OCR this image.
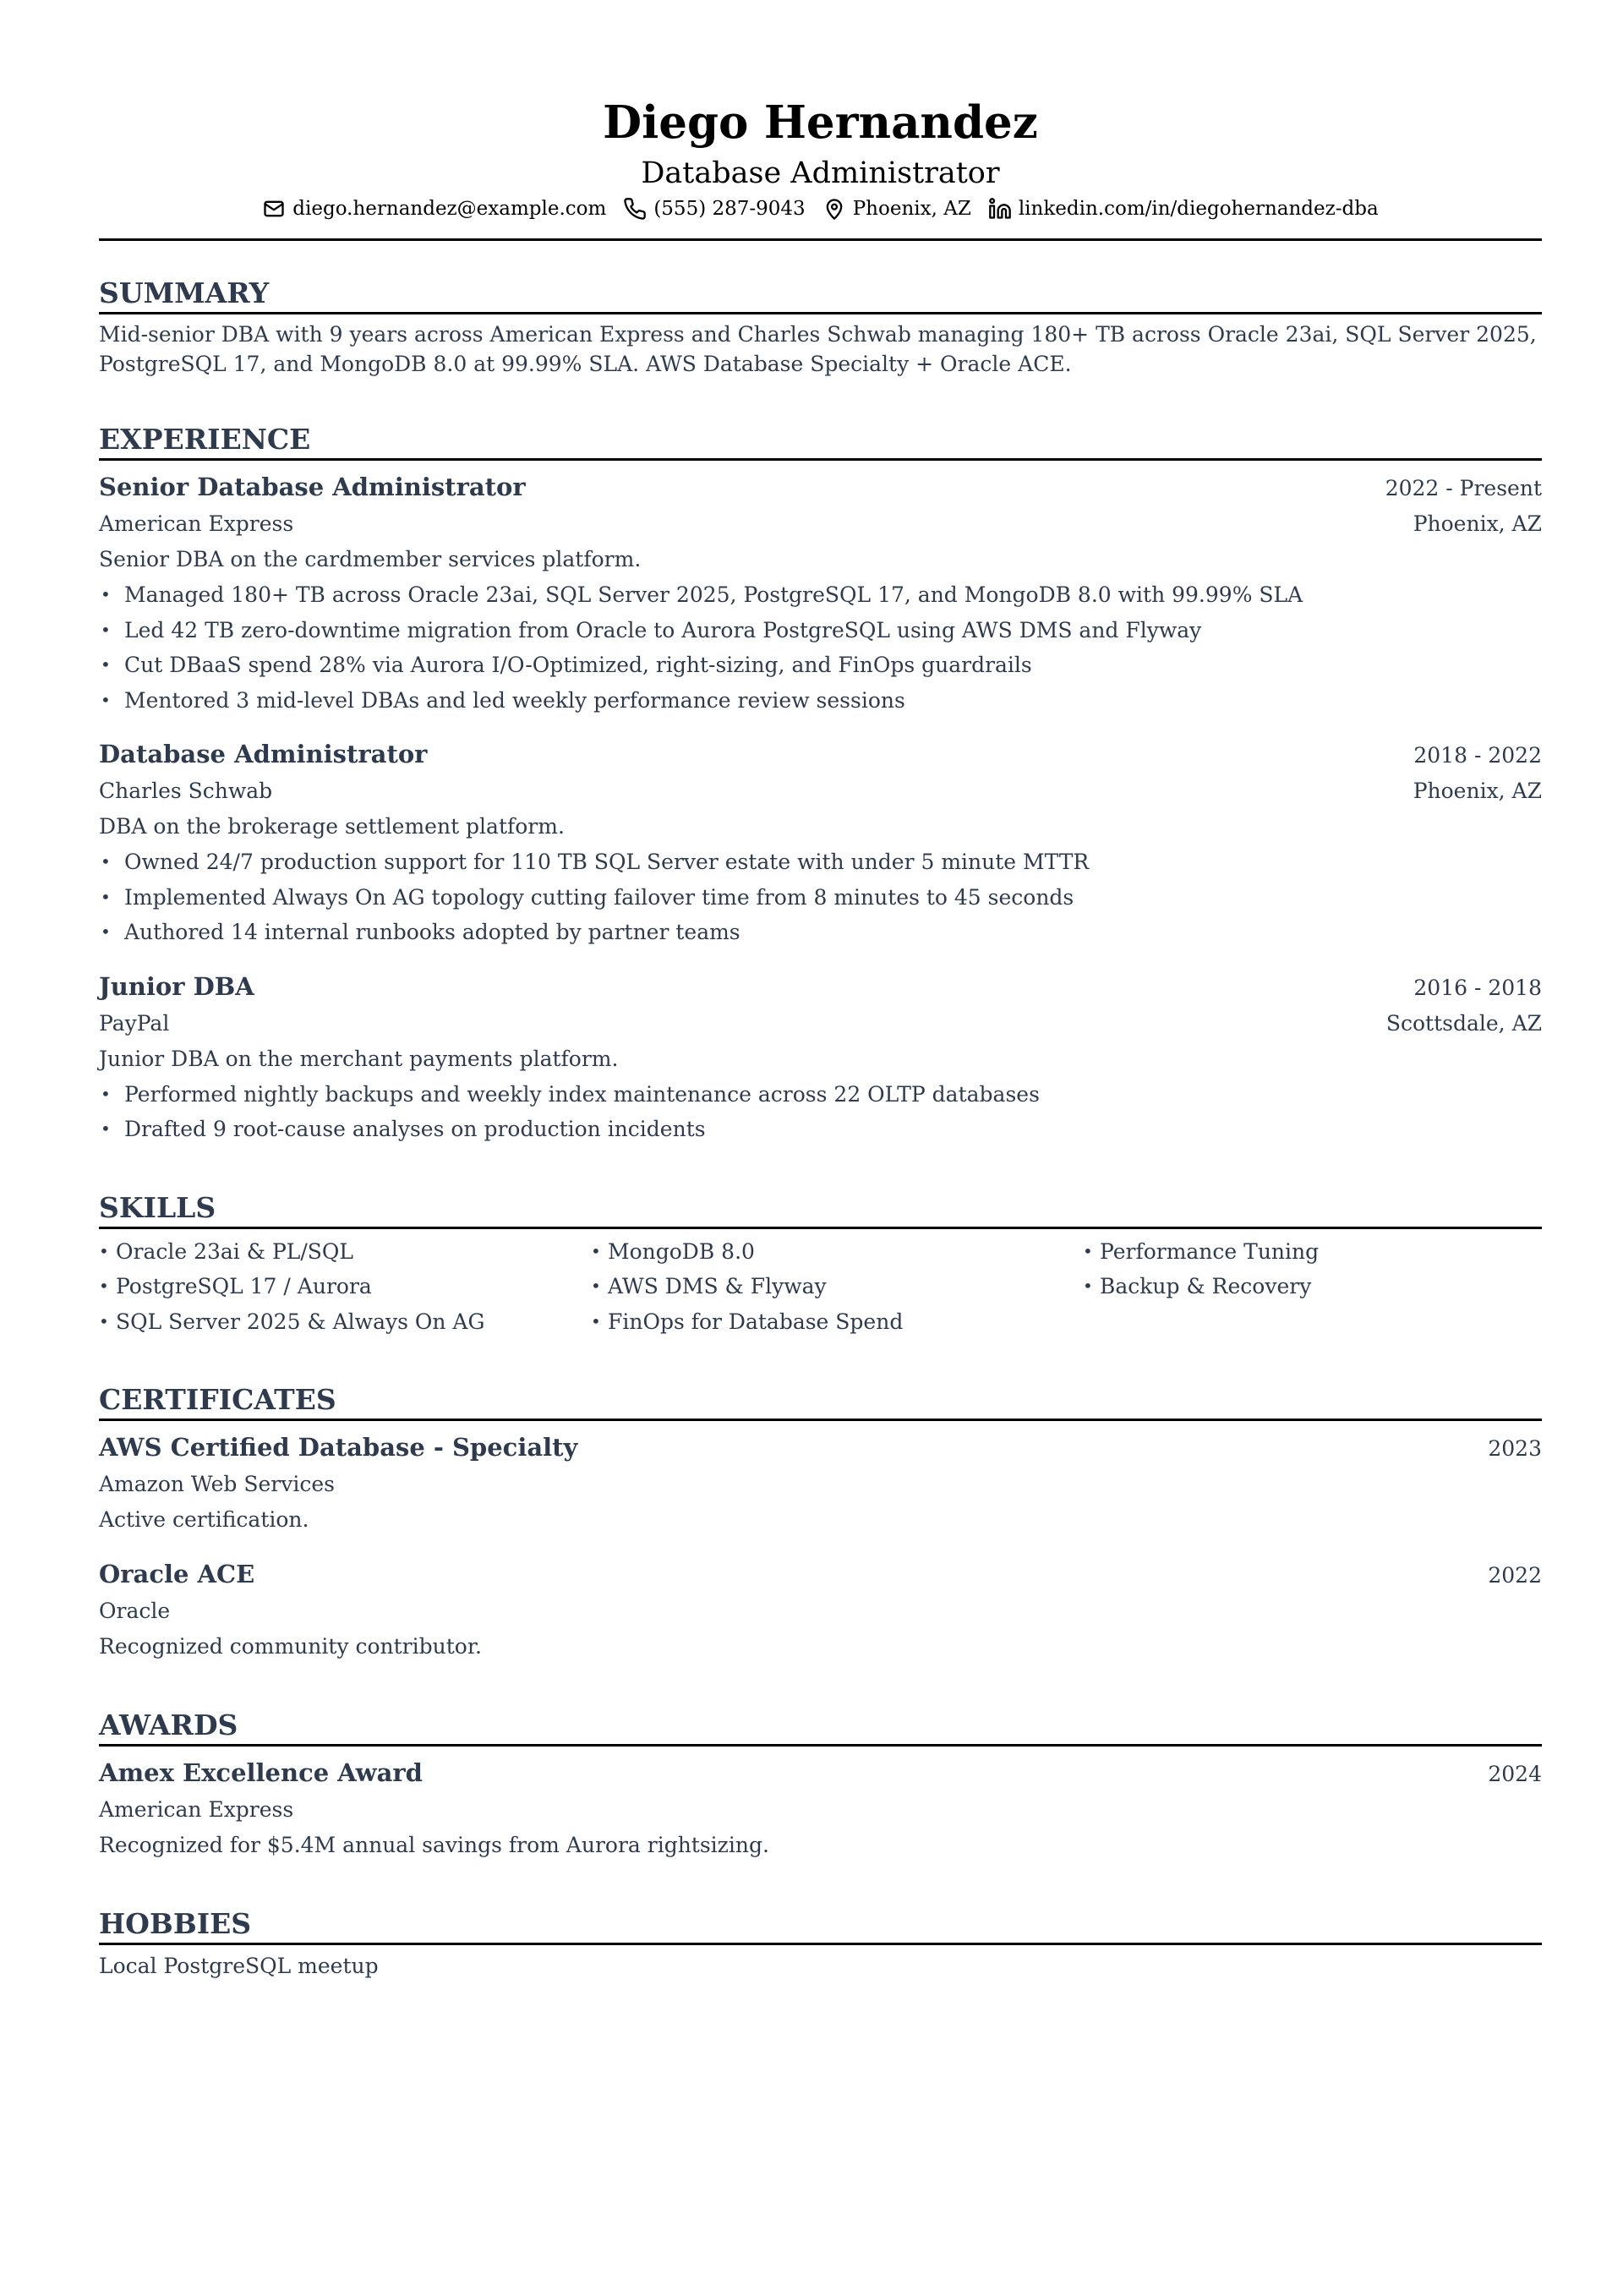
Diego Hernandez
Database Administrator
diego.hernandez@example.com (555) 287-9043 Phoenix, AZ linkedin.com/in/diegohernandez-dba
SUMMARY
Mid-senior DBA with 9 years across American Express and Charles Schwab managing 180+ TB across Oracle 23ai, SQL Server 2025, PostgreSQL 17, and MongoDB 8.0 at 99.99% SLA. AWS Database Specialty + Oracle ACE.
EXPERIENCE
Senior Database Administrator	2022 - Present
American Express	Phoenix, AZ
Senior DBA on the cardmember services platform.
• Managed 180+ TB across Oracle 23ai, SQL Server 2025, PostgreSQL 17, and MongoDB 8.0 with 99.99% SLA
• Led 42 TB zero-downtime migration from Oracle to Aurora PostgreSQL using AWS DMS and Flyway
• Cut DBaaS spend 28% via Aurora I/O-Optimized, right-sizing, and FinOps guardrails
• Mentored 3 mid-level DBAs and led weekly performance review sessions
Database Administrator	2018 - 2022
Charles Schwab	Phoenix, AZ
DBA on the brokerage settlement platform.
• Owned 24/7 production support for 110 TB SQL Server estate with under 5 minute MTTR
• Implemented Always On AG topology cutting failover time from 8 minutes to 45 seconds
• Authored 14 internal runbooks adopted by partner teams
Junior DBA	2016 - 2018
PayPal	Scottsdale, AZ
Junior DBA on the merchant payments platform.
• Performed nightly backups and weekly index maintenance across 22 OLTP databases
• Drafted 9 root-cause analyses on production incidents
SKILLS
• Oracle 23ai & PL/SQL
• PostgreSQL 17 / Aurora
• SQL Server 2025 & Always On AG
• MongoDB 8.0
• AWS DMS & Flyway
• FinOps for Database Spend
• Performance Tuning
• Backup & Recovery
CERTIFICATES
AWS Certified Database - Specialty	2023
Amazon Web Services
Active certification.
Oracle ACE	2022
Oracle
Recognized community contributor.
AWARDS
Amex Excellence Award	2024
American Express
Recognized for $5.4M annual savings from Aurora rightsizing.
HOBBIES
Local PostgreSQL meetup
